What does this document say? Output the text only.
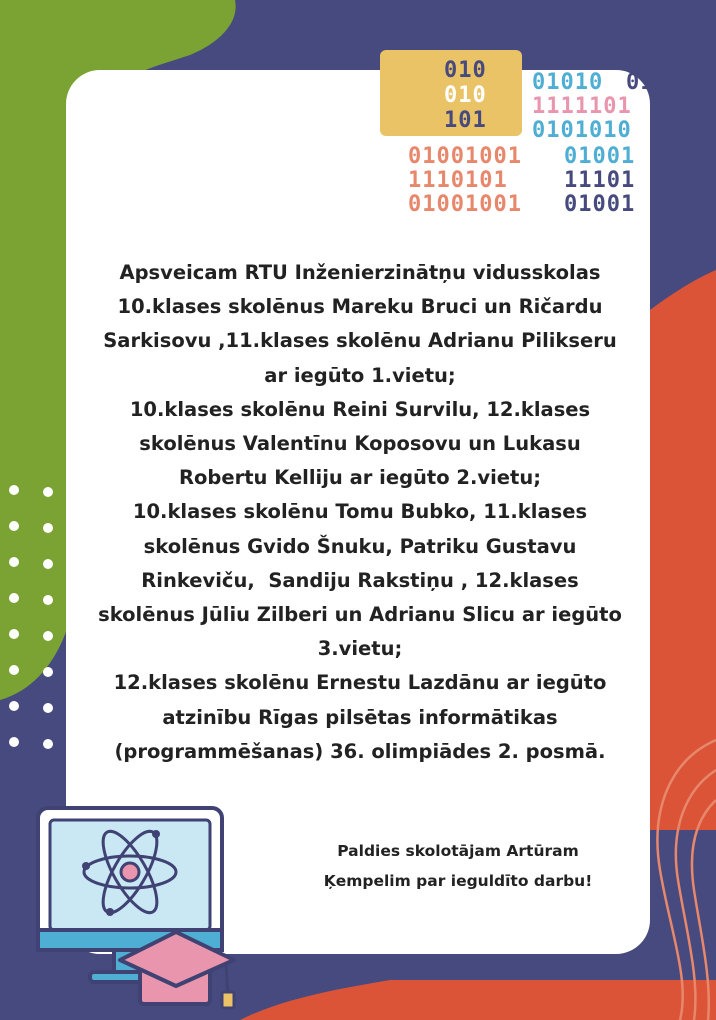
010
010
101
01010 01
1111101
0101010
01001001 01001
1110101	11101
01001001 01001

Apsveicam RTU Inženierzinātņu vidusskolas

10.klases skolēnus Mareku Bruci un Ričardu

Sarkisovu ,11.klases skolēnu Adrianu Pilikseru

ar iegūto 1.vietu;

10.klases skolēnu Reini Survilu, 12.klases

skolēnus Valentīnu Koposovu un Lukasu

Robertu Kelliju ar iegūto 2.vietu;

10.klases skolēnu Tomu Bubko, 11.klases

skolēnus Gvido Šnuku, Patriku Gustavu

Rinkeviču,  Sandiju Rakstiņu , 12.klases

skolēnus Jūliu Zilberi un Adrianu Slicu ar iegūto

3.vietu;

12.klases skolēnu Ernestu Lazdānu ar iegūto

atzinību Rīgas pilsētas informātikas

(programmēšanas) 36. olimpiādes 2. posmā.

Paldies skolotājam Artūram

Ķempelim par ieguldīto darbu!
